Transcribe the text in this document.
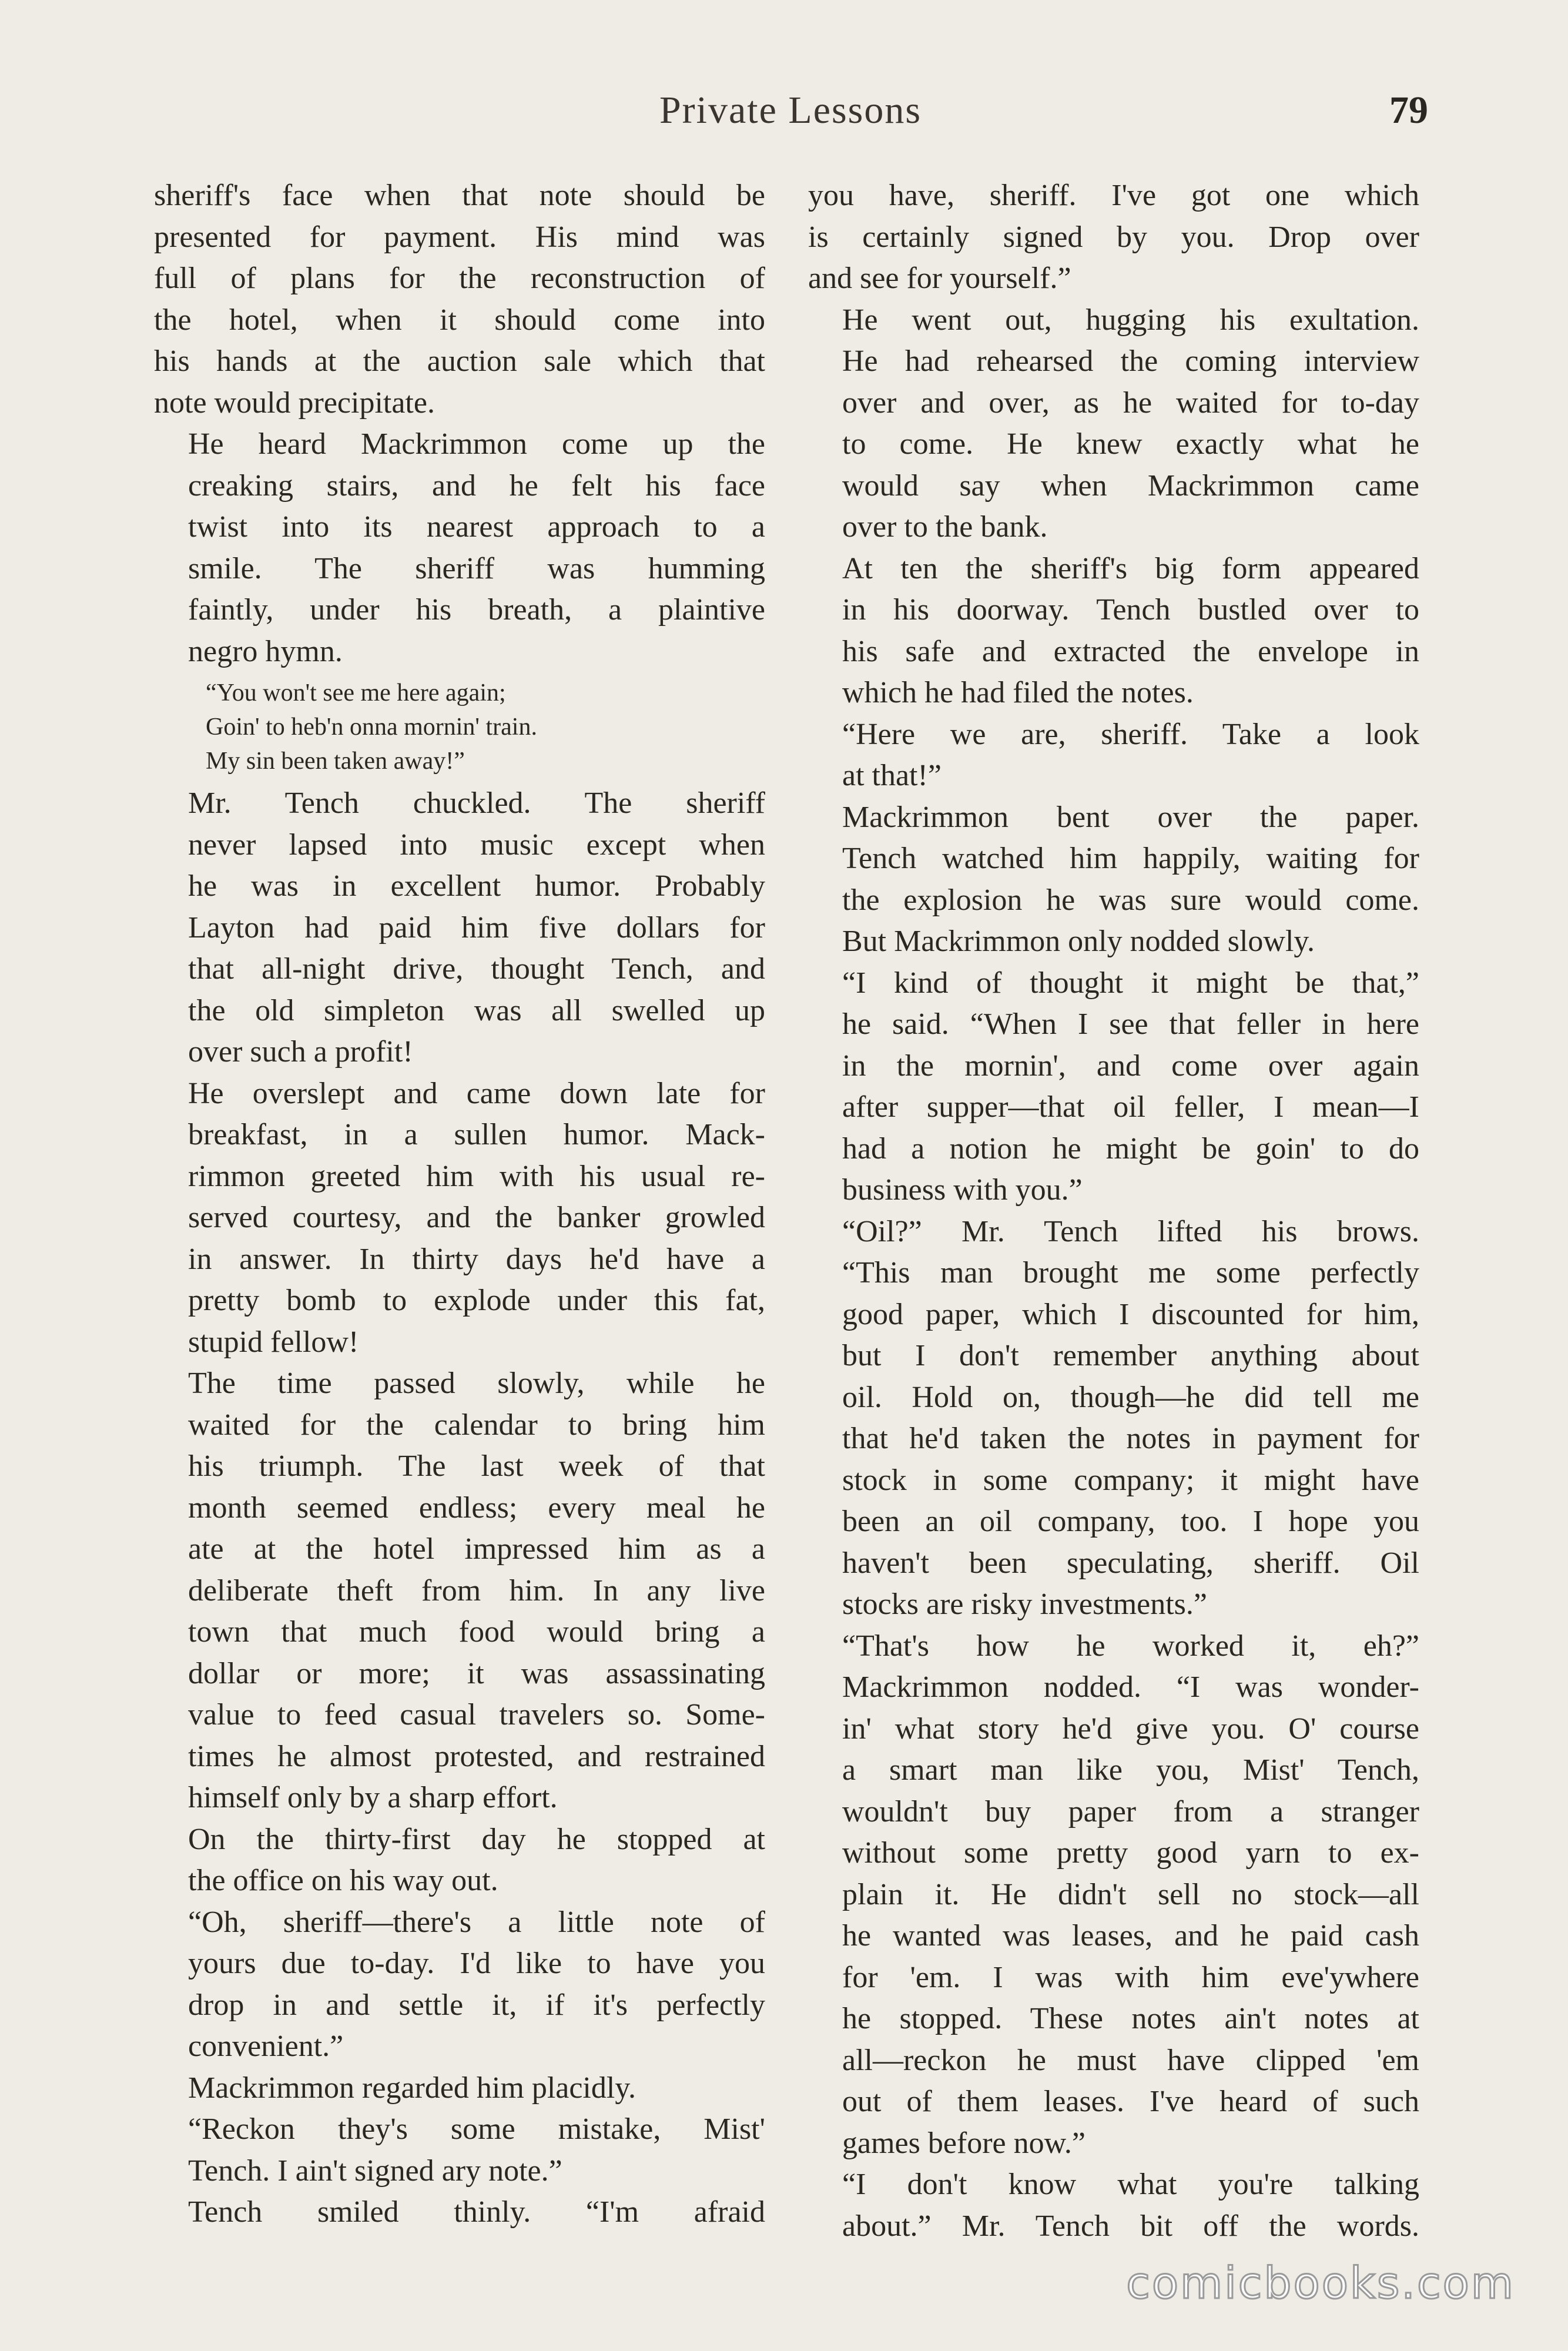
Private Lessons	79
sheriff's face when that note should be
presented for payment. His mind was
full of plans for the reconstruction of
the hotel, when it should come into
his hands at the auction sale which that
note would precipitate.
He heard Mackrimmon come up the
creaking stairs, and he felt his face
twist into its nearest approach to a
smile. The sheriff was humming
faintly, under his breath, a plaintive
negro hymn.
“You won't see me here again;
Goin' to heb'n onna mornin' train.
My sin been taken away!”
Mr. Tench chuckled. The sheriff
never lapsed into music except when
he was in excellent humor. Probably
Layton had paid him five dollars for
that all-night drive, thought Tench, and
the old simpleton was all swelled up
over such a profit!
He overslept and came down late for
breakfast, in a sullen humor. Mack-
rimmon greeted him with his usual re-
served courtesy, and the banker growled
in answer. In thirty days he'd have a
pretty bomb to explode under this fat,
stupid fellow!
The time passed slowly, while he
waited for the calendar to bring him
his triumph. The last week of that
month seemed endless; every meal he
ate at the hotel impressed him as a
deliberate theft from him. In any live
town that much food would bring a
dollar or more; it was assassinating
value to feed casual travelers so. Some-
times he almost protested, and restrained
himself only by a sharp effort.
On the thirty-first day he stopped at
the office on his way out.
“Oh, sheriff—there's a little note of
yours due to-day. I'd like to have you
drop in and settle it, if it's perfectly
convenient.”
Mackrimmon regarded him placidly.
“Reckon they's some mistake, Mist'
Tench. I ain't signed ary note.”
Tench smiled thinly. “I'm afraid
you have, sheriff. I've got one which
is certainly signed by you. Drop over
and see for yourself.”
He went out, hugging his exultation.
He had rehearsed the coming interview
over and over, as he waited for to-day
to come. He knew exactly what he
would say when Mackrimmon came
over to the bank.
At ten the sheriff's big form appeared
in his doorway. Tench bustled over to
his safe and extracted the envelope in
which he had filed the notes.
“Here we are, sheriff. Take a look
at that!”
Mackrimmon bent over the paper.
Tench watched him happily, waiting for
the explosion he was sure would come.
But Mackrimmon only nodded slowly.
“I kind of thought it might be that,”
he said. “When I see that feller in here
in the mornin', and come over again
after supper—that oil feller, I mean—I
had a notion he might be goin' to do
business with you.”
“Oil?” Mr. Tench lifted his brows.
“This man brought me some perfectly
good paper, which I discounted for him,
but I don't remember anything about
oil. Hold on, though—he did tell me
that he'd taken the notes in payment for
stock in some company; it might have
been an oil company, too. I hope you
haven't been speculating, sheriff. Oil
stocks are risky investments.”
“That's how he worked it, eh?”
Mackrimmon nodded. “I was wonder-
in' what story he'd give you. O' course
a smart man like you, Mist' Tench,
wouldn't buy paper from a stranger
without some pretty good yarn to ex-
plain it. He didn't sell no stock—all
he wanted was leases, and he paid cash
for 'em. I was with him eve'ywhere
he stopped. These notes ain't notes at
all—reckon he must have clipped 'em
out of them leases. I've heard of such
games before now.”
“I don't know what you're talking
about.” Mr. Tench bit off the words.
comicbooks.com
